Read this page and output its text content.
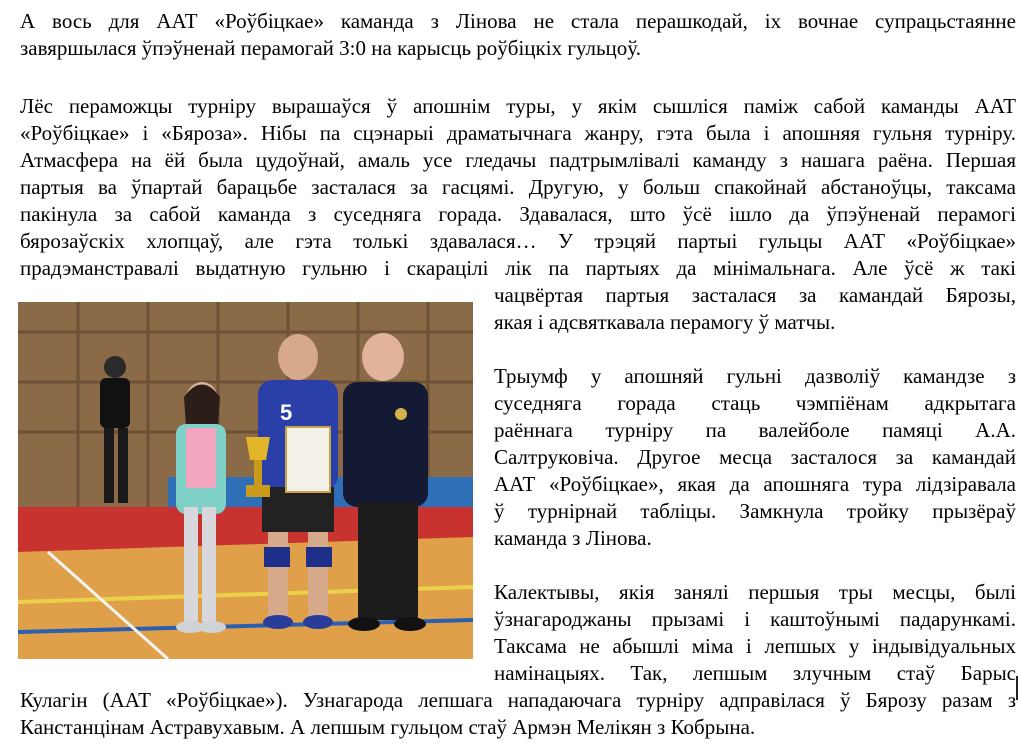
А вось для ААТ «Роўбіцкае» каманда з Лінова не стала перашкодай, іх вочнае супрацьстаянне
завяршылася ўпэўненай перамогай 3:0 на карысць роўбіцкіх гульцоў.
Лёс пераможцы турніру вырашаўся ў апошнім туры, у якім сышліся паміж сабой каманды ААТ
«Роўбіцкае» і «Бяроза». Нібы па сцэнарыі драматычнага жанру, гэта была і апошняя гульня турніру.
Атмасфера на ёй была цудоўнай, амаль усе гледачы падтрымлівалі каманду з нашага раёна. Першая
партыя ва ўпартай барацьбе засталася за гасцямі. Другую, у больш спакойнай абстаноўцы, таксама
пакінула за сабой каманда з суседняга горада. Здавалася, што ўсё ішло да ўпэўненай перамогі
бярозаўскіх хлопцаў, але гэта толькі здавалася… У трэцяй партыі гульцы ААТ «Роўбіцкае»
прадэманстравалі выдатную гульню і скарацілі лік па партыях да мінімальнага. Але ўсё ж такі
чацвёртая партыя засталася за камандай Бярозы,
якая і адсвяткавала перамогу ў матчы.
Трыумф у апошняй гульні дазволіў камандзе з
суседняга горада стаць чэмпіёнам адкрытага
раённага турніру па валейболе памяці А.А.
Салтруковіча. Другое месца засталося за камандай
ААТ «Роўбіцкае», якая да апошняга тура лідзіравала
ў турнірнай табліцы. Замкнула тройку прызёраў
каманда з Лінова.
Калектывы, якія занялі першыя тры месцы, былі
ўзнагароджаны прызамі і каштоўнымі падарункамі.
Таксама не абышлі міма і лепшых у індывідуальных
намінацыях. Так, лепшым злучным стаў Барыс
Кулагін (ААТ «Роўбіцкае»). Узнагарода лепшага нападаючага турніру адправілася ў Бярозу разам з
Канстанцінам Астравухавым. А лепшым гульцом стаў Армэн Мелікян з Кобрына.
5
